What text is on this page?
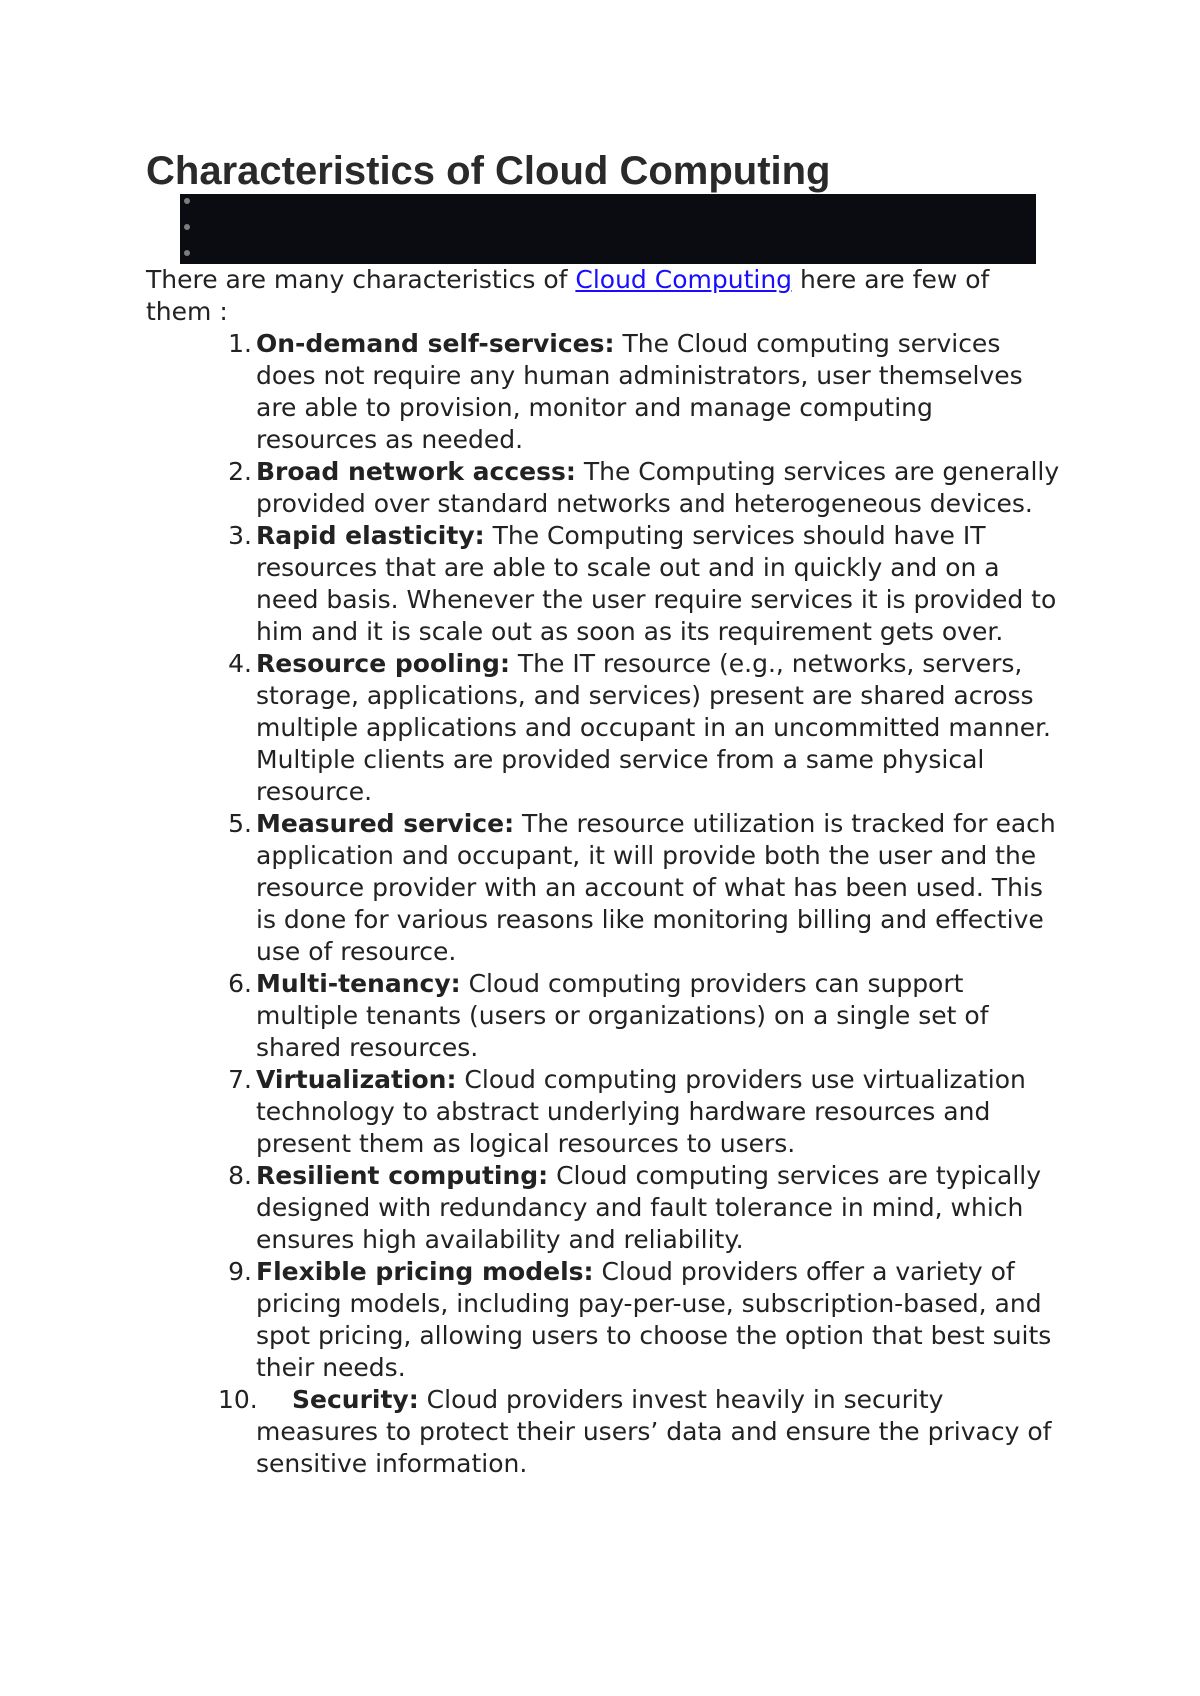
Characteristics of Cloud Computing

There are many characteristics of Cloud Computing here are few of them :

1. On-demand self-services: The Cloud computing services does not require any human administrators, user themselves are able to provision, monitor and manage computing resources as needed.
2. Broad network access: The Computing services are generally provided over standard networks and heterogeneous devices.
3. Rapid elasticity: The Computing services should have IT resources that are able to scale out and in quickly and on a need basis. Whenever the user require services it is provided to him and it is scale out as soon as its requirement gets over.
4. Resource pooling: The IT resource (e.g., networks, servers, storage, applications, and services) present are shared across multiple applications and occupant in an uncommitted manner. Multiple clients are provided service from a same physical resource.
5. Measured service: The resource utilization is tracked for each application and occupant, it will provide both the user and the resource provider with an account of what has been used. This is done for various reasons like monitoring billing and effective use of resource.
6. Multi-tenancy: Cloud computing providers can support multiple tenants (users or organizations) on a single set of shared resources.
7. Virtualization: Cloud computing providers use virtualization technology to abstract underlying hardware resources and present them as logical resources to users.
8. Resilient computing: Cloud computing services are typically designed with redundancy and fault tolerance in mind, which ensures high availability and reliability.
9. Flexible pricing models: Cloud providers offer a variety of pricing models, including pay-per-use, subscription-based, and spot pricing, allowing users to choose the option that best suits their needs.
10.	Security: Cloud providers invest heavily in security measures to protect their users’ data and ensure the privacy of sensitive information.
